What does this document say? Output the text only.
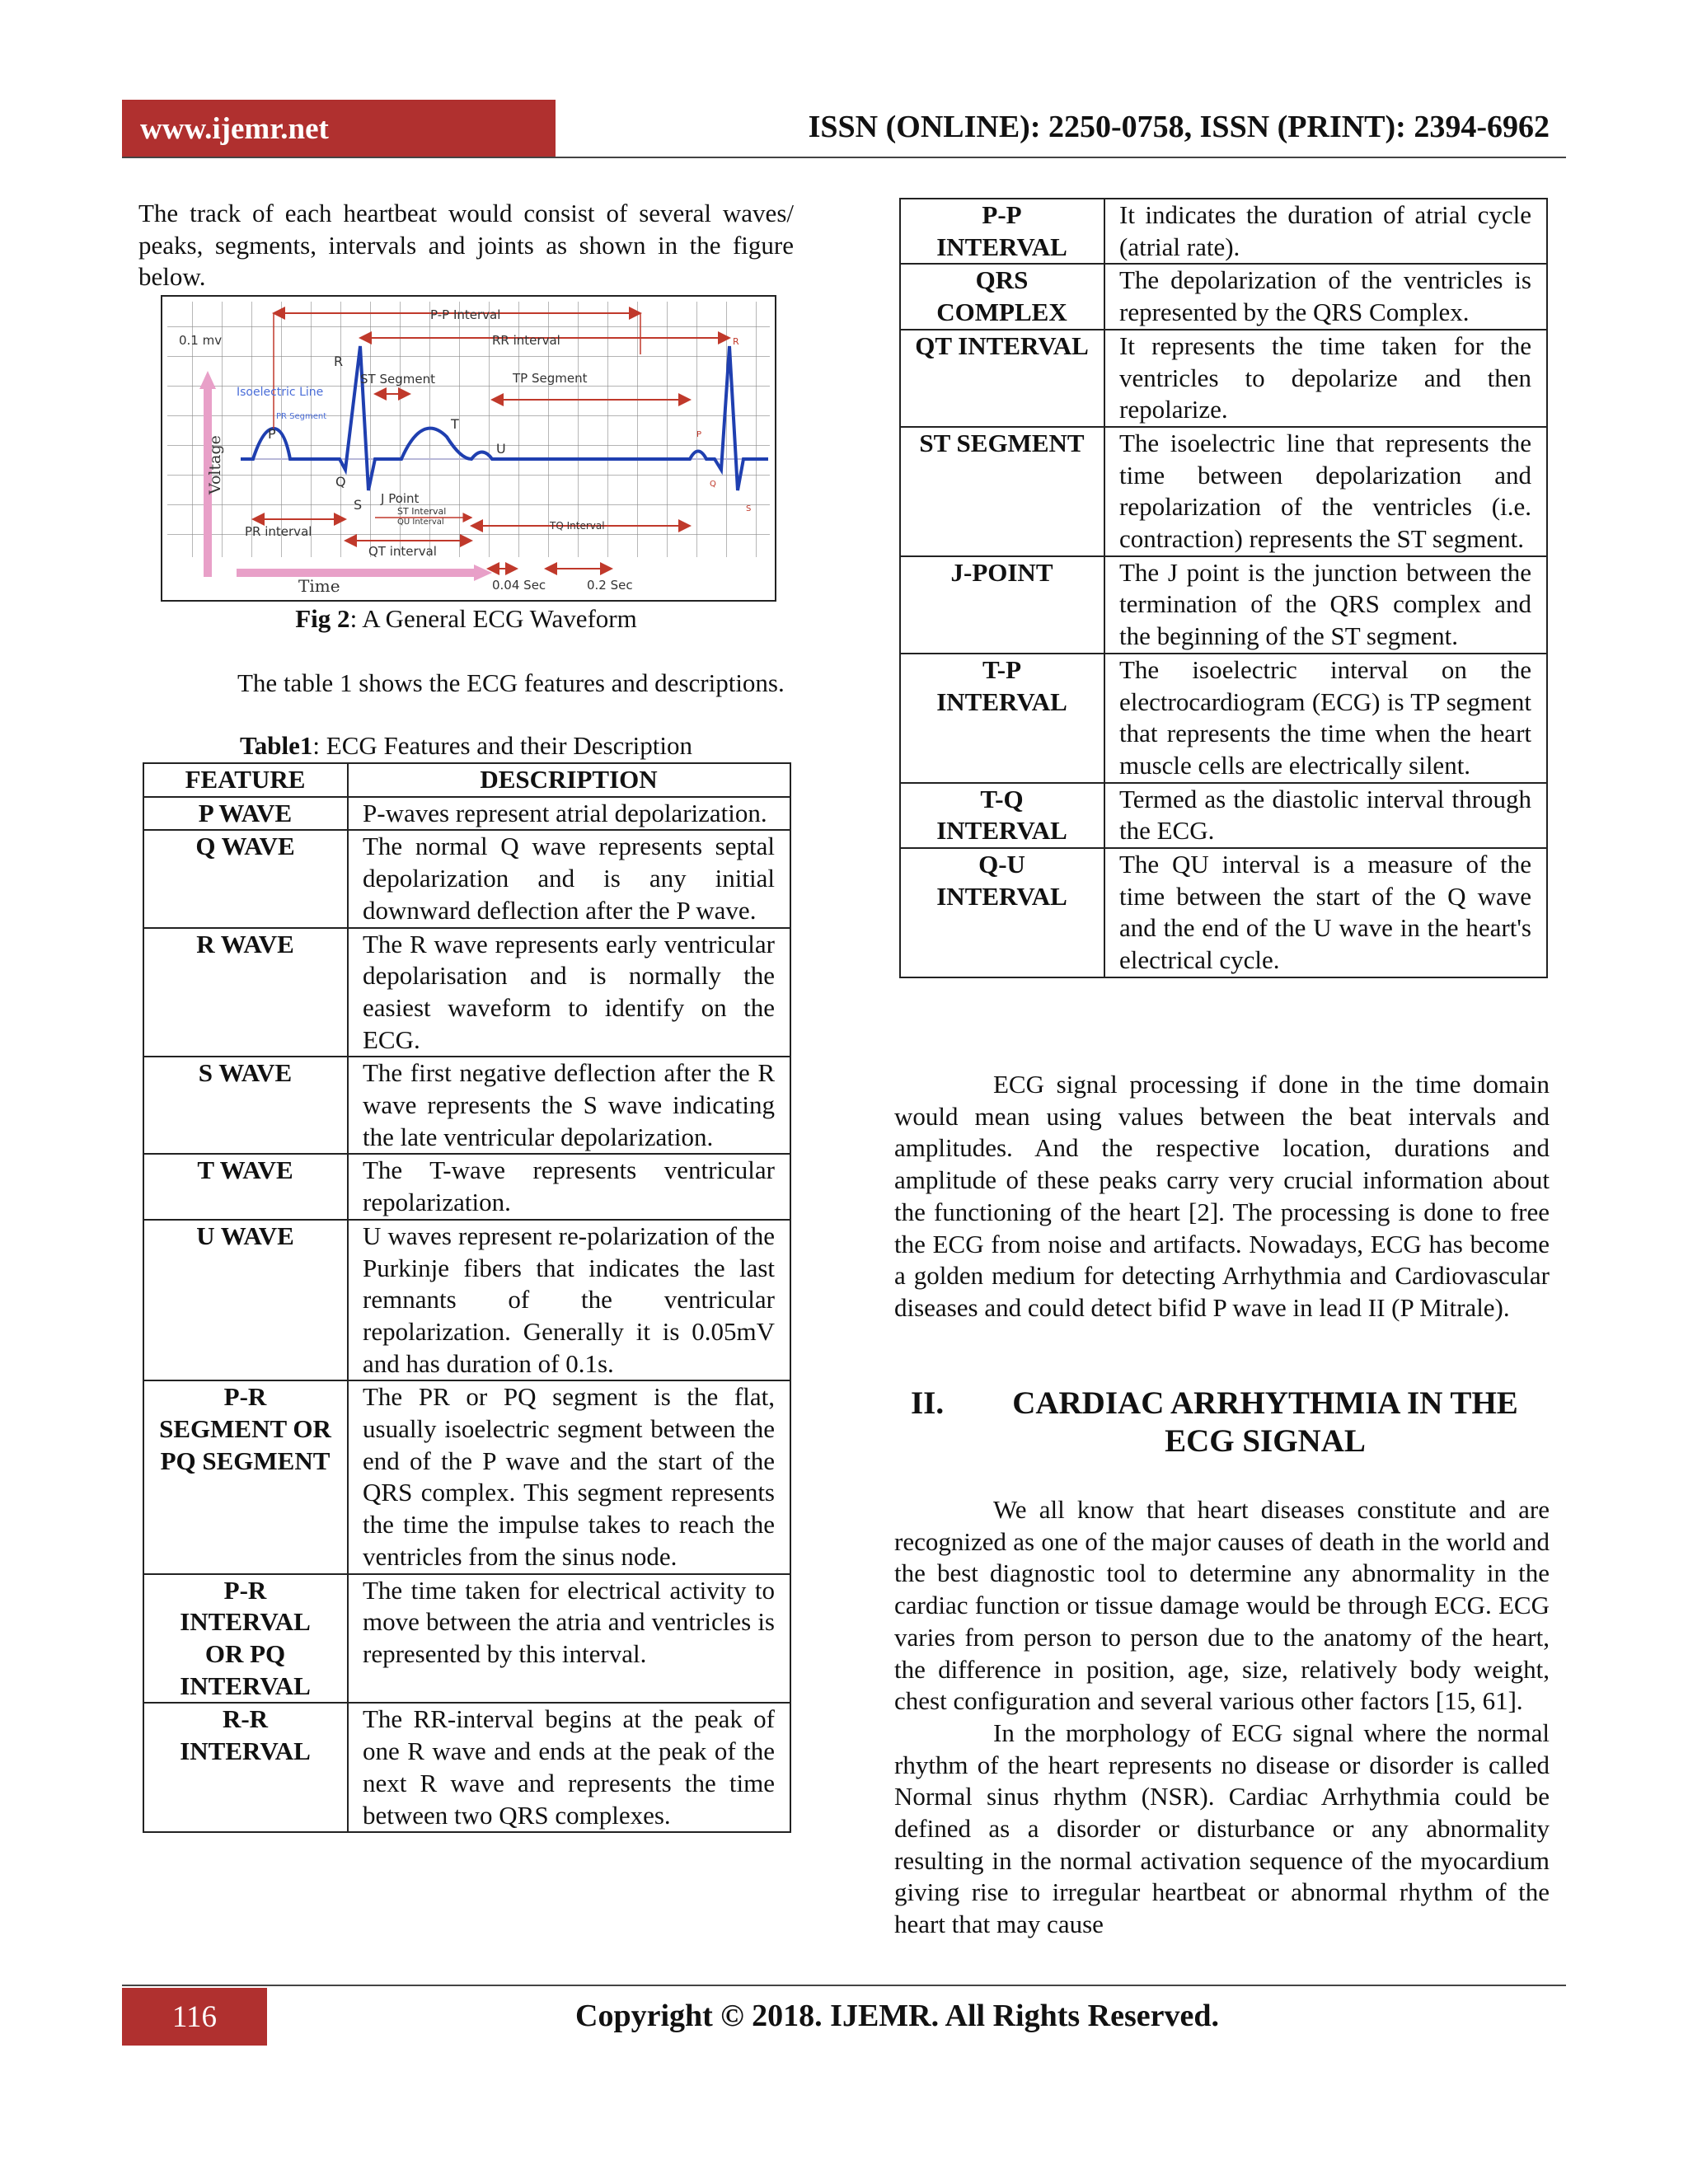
www.ijemr.net	ISSN (ONLINE): 2250-0758, ISSN (PRINT): 2394-6962

The track of each heartbeat would consist of several waves/ peaks, segments, intervals and joints as shown in the figure below.

Voltage
Time
P-P Interval
0.1 mv	RR interval
R
R
ST Segment	TP Segment
Isoelectric Line
PR Segment
P
T
U
Q
S
P
Q
S
J Point
ST Interval
QU Interval	TQ Interval
PR interval
QT interval
0.04 Sec	0.2 Sec
Fig 2: A General ECG Waveform

The table 1 shows the ECG features and descriptions.

Table1: ECG Features and their Description
FEATURE	DESCRIPTION
P WAVE	P-waves represent atrial depolarization.
Q WAVE	The normal Q wave represents septal depolarization and is any initial downward deflection after the P wave.
R WAVE	The R wave represents early ventricular depolarisation and is normally the easiest waveform to identify on the ECG.
S WAVE	The first negative deflection after the R wave represents the S wave indicating the late ventricular depolarization.
T WAVE	The T-wave represents ventricular repolarization.
U WAVE	U waves represent re-polarization of the Purkinje fibers that indicates the last remnants of the ventricular repolarization. Generally it is 0.05mV and has duration of 0.1s.
P-R SEGMENT OR PQ SEGMENT	The PR or PQ segment is the flat, usually isoelectric segment between the end of the P wave and the start of the QRS complex. This segment represents the time the impulse takes to reach the ventricles from the sinus node.
P-R INTERVAL OR PQ INTERVAL	The time taken for electrical activity to move between the atria and ventricles is represented by this interval.
R-R INTERVAL	The RR-interval begins at the peak of one R wave and ends at the peak of the next R wave and represents the time between two QRS complexes.
P-P INTERVAL	It indicates the duration of atrial cycle (atrial rate).
QRS COMPLEX	The depolarization of the ventricles is represented by the QRS Complex.
QT INTERVAL	It represents the time taken for the ventricles to depolarize and then repolarize.
ST SEGMENT	The isoelectric line that represents the time between depolarization and repolarization of the ventricles (i.e. contraction) represents the ST segment.
J-POINT	The J point is the junction between the termination of the QRS complex and the beginning of the ST segment.
T-P INTERVAL	The isoelectric interval on the electrocardiogram (ECG) is TP segment that represents the time when the heart muscle cells are electrically silent.
T-Q INTERVAL	Termed as the diastolic interval through the ECG.
Q-U INTERVAL	The QU interval is a measure of the time between the start of the Q wave and the end of the U wave in the heart's electrical cycle.

ECG signal processing if done in the time domain would mean using values between the beat intervals and amplitudes. And the respective location, durations and amplitude of these peaks carry very crucial information about the functioning of the heart [2]. The processing is done to free the ECG from noise and artifacts. Nowadays, ECG has become a golden medium for detecting Arrhythmia and Cardiovascular diseases and could detect bifid P wave in lead II (P Mitrale).

II. CARDIAC ARRHYTHMIA IN THE ECG SIGNAL

We all know that heart diseases constitute and are recognized as one of the major causes of death in the world and the best diagnostic tool to determine any abnormality in the cardiac function or tissue damage would be through ECG. ECG varies from person to person due to the anatomy of the heart, the difference in position, age, size, relatively body weight, chest configuration and several various other factors [15, 61].

In the morphology of ECG signal where the normal rhythm of the heart represents no disease or disorder is called Normal sinus rhythm (NSR). Cardiac Arrhythmia could be defined as a disorder or disturbance or any abnormality resulting in the normal activation sequence of the myocardium giving rise to irregular heartbeat or abnormal rhythm of the heart that may cause

116	Copyright © 2018. IJEMR. All Rights Reserved.
